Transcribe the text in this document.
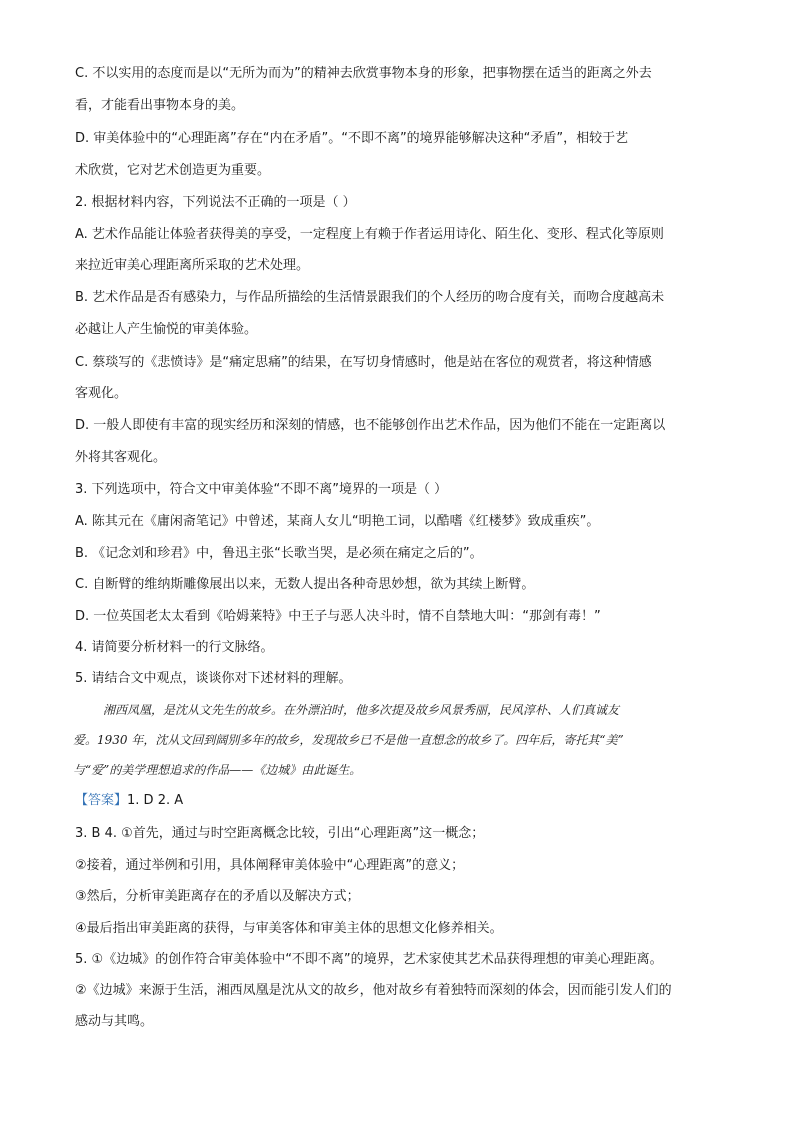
C. 不以实用的态度而是以“无所为而为”的精神去欣赏事物本身的形象，把事物摆在适当的距离之外去
看，才能看出事物本身的美。
D. 审美体验中的“心理距离”存在“内在矛盾”。“不即不离”的境界能够解决这种“矛盾”，相较于艺
术欣赏，它对艺术创造更为重要。
2. 根据材料内容，下列说法不正确的一项是（ ）
A. 艺术作品能让体验者获得美的享受，一定程度上有赖于作者运用诗化、陌生化、变形、程式化等原则
来拉近审美心理距离所采取的艺术处理。
B. 艺术作品是否有感染力，与作品所描绘的生活情景跟我们的个人经历的吻合度有关，而吻合度越高未
必越让人产生愉悦的审美体验。
C. 蔡琰写的《悲愤诗》是“痛定思痛”的结果，在写切身情感时，他是站在客位的观赏者，将这种情感
客观化。
D. 一般人即使有丰富的现实经历和深刻的情感，也不能够创作出艺术作品，因为他们不能在一定距离以
外将其客观化。
3. 下列选项中，符合文中审美体验“不即不离”境界的一项是（ ）
A. 陈其元在《庸闲斋笔记》中曾述，某商人女儿“明艳工词，以酷嗜《红楼梦》致成重疾”。
B. 《记念刘和珍君》中，鲁迅主张“长歌当哭，是必须在痛定之后的”。
C. 自断臂的维纳斯雕像展出以来，无数人提出各种奇思妙想，欲为其续上断臂。
D. 一位英国老太太看到《哈姆莱特》中王子与恶人决斗时，情不自禁地大叫：“那剑有毒！”
4. 请简要分析材料一的行文脉络。
5. 请结合文中观点，谈谈你对下述材料的理解。
湘西凤凰，是沈从文先生的故乡。在外漂泊时，他多次提及故乡风景秀丽，民风淳朴、人们真诚友
爱。1930 年，沈从文回到阔别多年的故乡，发现故乡已不是他一直想念的故乡了。四年后，寄托其“美”
与“爱”的美学理想追求的作品——《边城》由此诞生。
【答案】1. D 2. A
3. B 4. ①首先，通过与时空距离概念比较，引出“心理距离”这一概念；
②接着，通过举例和引用，具体阐释审美体验中“心理距离”的意义；
③然后，分析审美距离存在的矛盾以及解决方式；
④最后指出审美距离的获得，与审美客体和审美主体的思想文化修养相关。
5. ①《边城》的创作符合审美体验中“不即不离”的境界，艺术家使其艺术品获得理想的审美心理距离。
②《边城》来源于生活，湘西凤凰是沈从文的故乡，他对故乡有着独特而深刻的体会，因而能引发人们的
感动与其鸣。
